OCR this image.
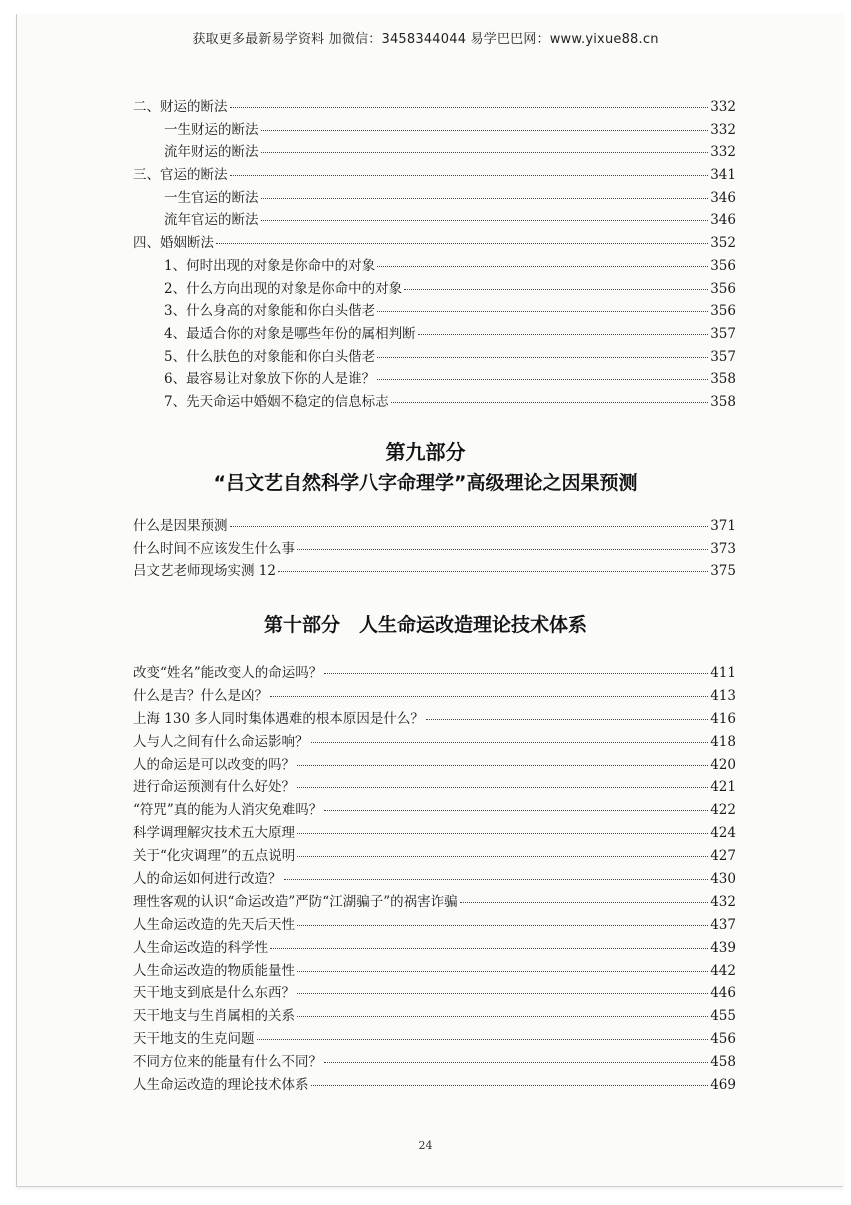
获取更多最新易学资料 加微信：3458344044 易学巴巴网：www.yixue88.cn
二、财运的断法	332
一生财运的断法	332
流年财运的断法	332
三、官运的断法	341
一生官运的断法	346
流年官运的断法	346
四、婚姻断法	352
1、何时出现的对象是你命中的对象	356
2、什么方向出现的对象是你命中的对象	356
3、什么身高的对象能和你白头偕老	356
4、最适合你的对象是哪些年份的属相判断	357
5、什么肤色的对象能和你白头偕老	357
6、最容易让对象放下你的人是谁？	358
7、先天命运中婚姻不稳定的信息标志	358
第九部分
“吕文艺自然科学八字命理学”高级理论之因果预测
什么是因果预测	371
什么时间不应该发生什么事	373
吕文艺老师现场实测 12	375
第十部分　人生命运改造理论技术体系
改变“姓名”能改变人的命运吗？	411
什么是吉？什么是凶？	413
上海 130 多人同时集体遇难的根本原因是什么？	416
人与人之间有什么命运影响？	418
人的命运是可以改变的吗？	420
进行命运预测有什么好处？	421
“符咒”真的能为人消灾免难吗？	422
科学调理解灾技术五大原理	424
关于“化灾调理”的五点说明	427
人的命运如何进行改造？	430
理性客观的认识“命运改造”严防“江湖骗子”的祸害诈骗	432
人生命运改造的先天后天性	437
人生命运改造的科学性	439
人生命运改造的物质能量性	442
天干地支到底是什么东西？	446
天干地支与生肖属相的关系	455
天干地支的生克问题	456
不同方位来的能量有什么不同？	458
人生命运改造的理论技术体系	469
24
